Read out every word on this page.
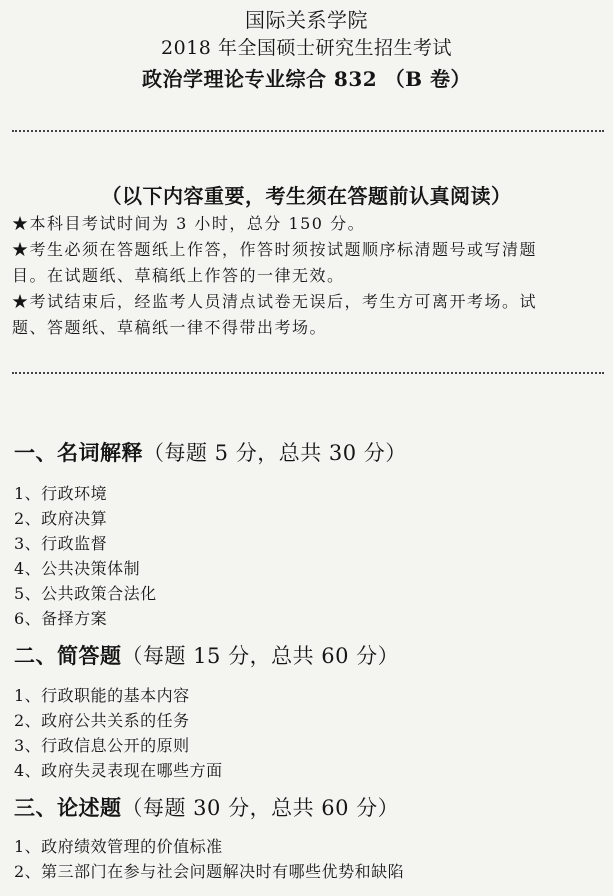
国际关系学院
2018 年全国硕士研究生招生考试
政治学理论专业综合 832 （B 卷）
（以下内容重要，考生须在答题前认真阅读）
★本科目考试时间为 3 小时，总分 150 分。
★考生必须在答题纸上作答，作答时须按试题顺序标清题号或写清题
目。在试题纸、草稿纸上作答的一律无效。
★考试结束后，经监考人员清点试卷无误后，考生方可离开考场。试
题、答题纸、草稿纸一律不得带出考场。
一、名词解释（每题 5 分，总共 30 分）
1、行政环境
2、政府决算
3、行政监督
4、公共决策体制
5、公共政策合法化
6、备择方案
二、简答题（每题 15 分，总共 60 分）
1、行政职能的基本内容
2、政府公共关系的任务
3、行政信息公开的原则
4、政府失灵表现在哪些方面
三、论述题（每题 30 分，总共 60 分）
1、政府绩效管理的价值标准
2、第三部门在参与社会问题解决时有哪些优势和缺陷
